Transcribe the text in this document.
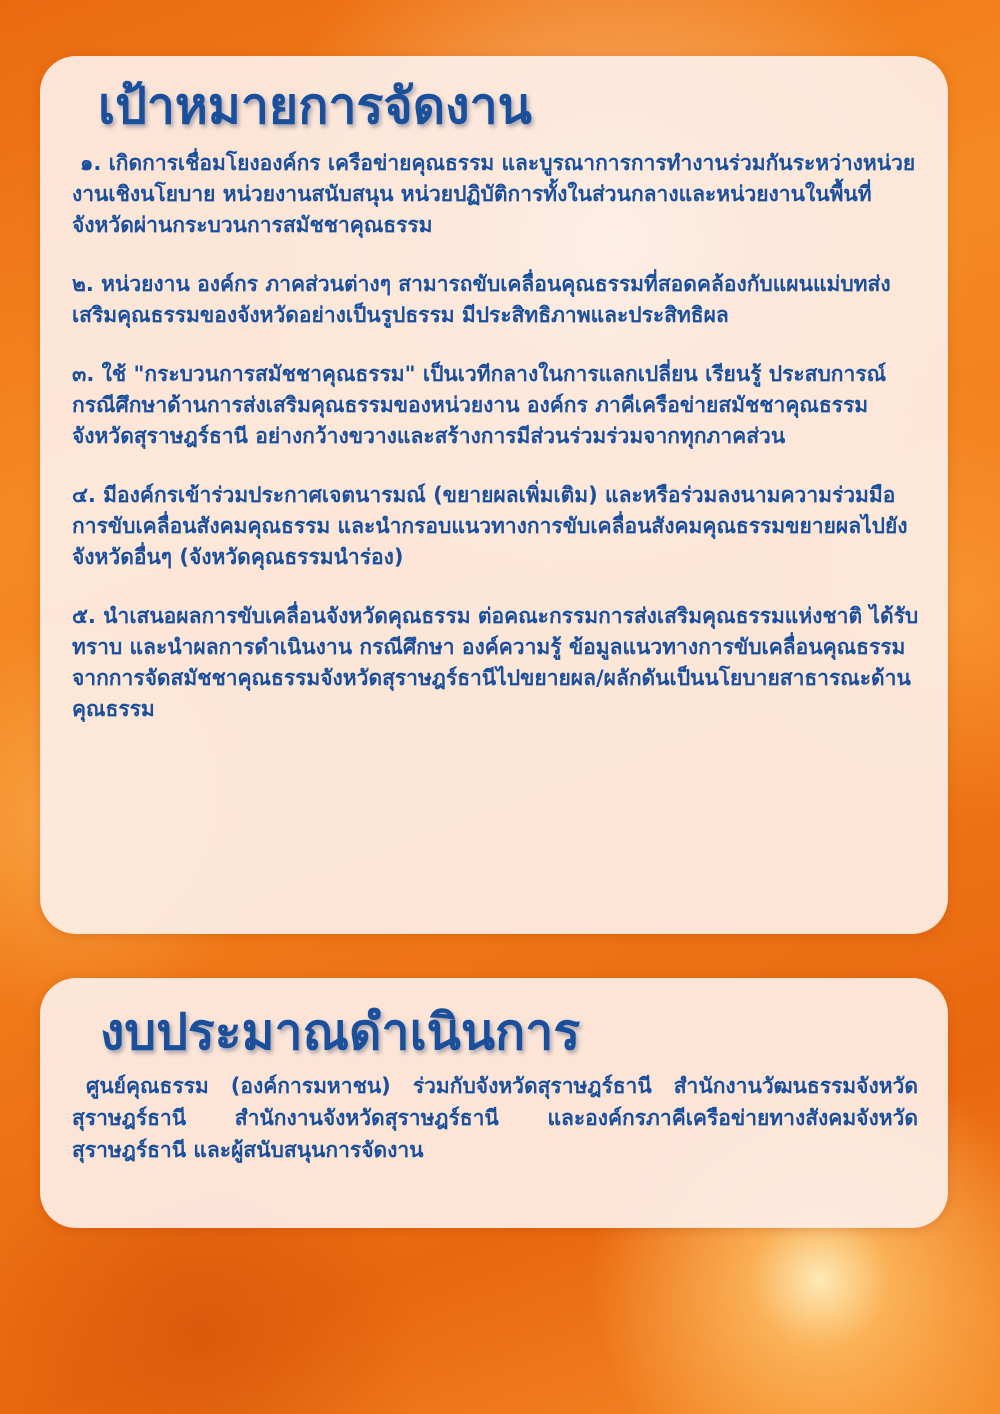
เป้าหมายการจัดงาน
๑. เกิดการเชื่อมโยงองค์กร เครือข่ายคุณธรรม และบูรณาการการทำงานร่วมกันระหว่างหน่วยงานเชิงนโยบาย หน่วยงานสนับสนุน หน่วยปฏิบัติการทั้งในส่วนกลางและหน่วยงานในพื้นที่จังหวัดผ่านกระบวนการสมัชชาคุณธรรม
๒. หน่วยงาน องค์กร ภาคส่วนต่างๆ สามารถขับเคลื่อนคุณธรรมที่สอดคล้องกับแผนแม่บทส่งเสริมคุณธรรมของจังหวัดอย่างเป็นรูปธรรม มีประสิทธิภาพและประสิทธิผล
๓. ใช้ "กระบวนการสมัชชาคุณธรรม" เป็นเวทีกลางในการแลกเปลี่ยน เรียนรู้ ประสบการณ์ กรณีศึกษาด้านการส่งเสริมคุณธรรมของหน่วยงาน องค์กร ภาคีเครือข่ายสมัชชาคุณธรรมจังหวัดสุราษฎร์ธานี อย่างกว้างขวางและสร้างการมีส่วนร่วมร่วมจากทุกภาคส่วน
๔. มีองค์กรเข้าร่วมประกาศเจตนารมณ์ (ขยายผลเพิ่มเติม) และหรือร่วมลงนามความร่วมมือการขับเคลื่อนสังคมคุณธรรม และนำกรอบแนวทางการขับเคลื่อนสังคมคุณธรรมขยายผลไปยังจังหวัดอื่นๆ (จังหวัดคุณธรรมนำร่อง)
๕. นำเสนอผลการขับเคลื่อนจังหวัดคุณธรรม ต่อคณะกรรมการส่งเสริมคุณธรรมแห่งชาติ ได้รับทราบ และนำผลการดำเนินงาน กรณีศึกษา องค์ความรู้ ข้อมูลแนวทางการขับเคลื่อนคุณธรรมจากการจัดสมัชชาคุณธรรมจังหวัดสุราษฎร์ธานีไปขยายผล/ผลักดันเป็นนโยบายสาธารณะด้านคุณธรรม
งบประมาณดำเนินการ

ศูนย์คุณธรรม (องค์การมหาชน) ร่วมกับจังหวัดสุราษฎร์ธานี สำนักงานวัฒนธรรมจังหวัดสุราษฎร์ธานี สำนักงานจังหวัดสุราษฎร์ธานี และองค์กรภาคีเครือข่ายทางสังคมจังหวัดสุราษฎร์ธานี และผู้สนับสนุนการจัดงาน
